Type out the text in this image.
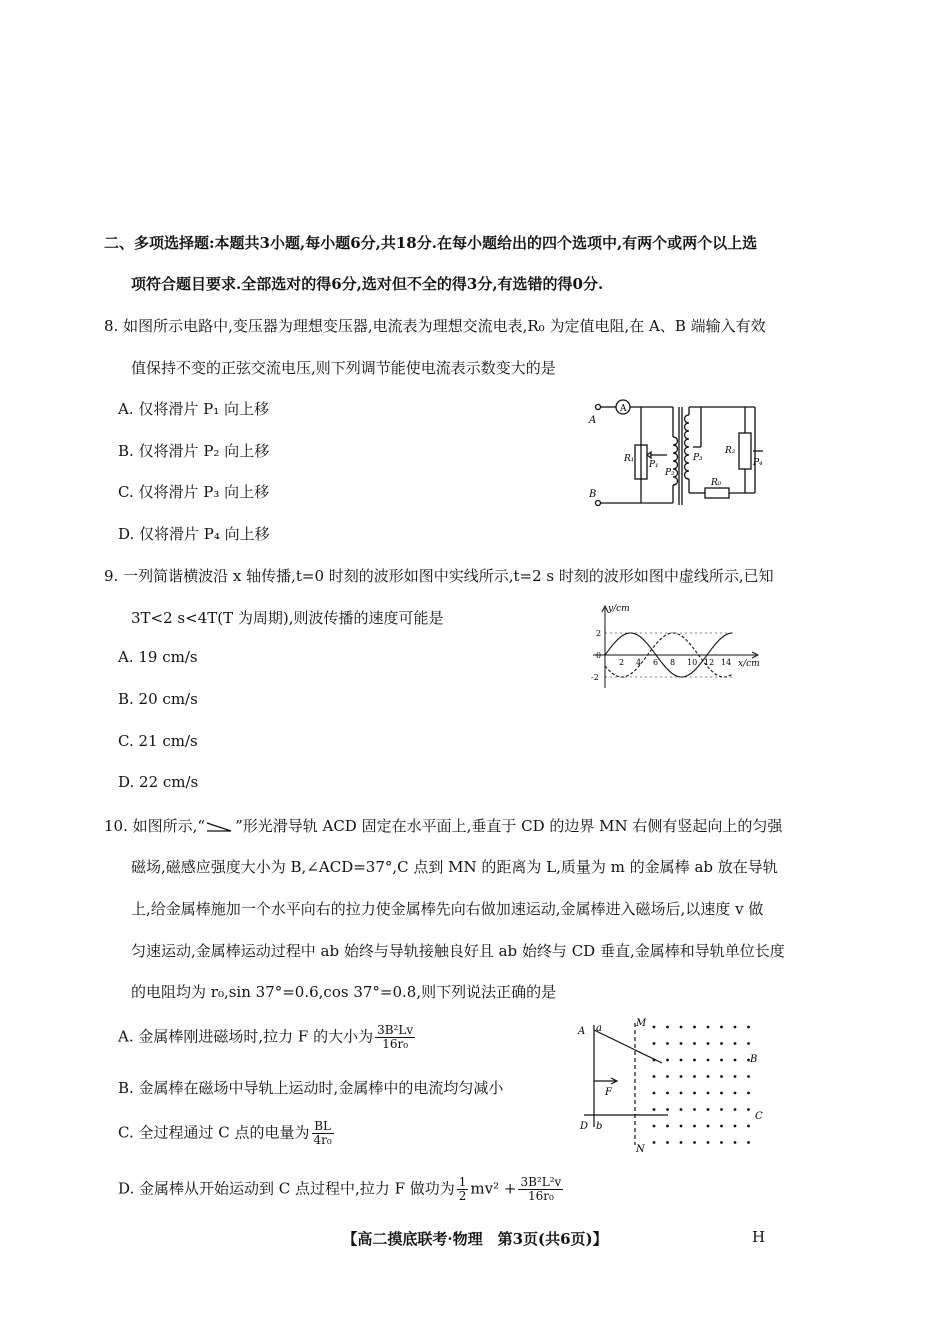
二、多项选择题:本题共3小题,每小题6分,共18分.在每小题给出的四个选项中,有两个或两个以上选
项符合题目要求.全部选对的得6分,选对但不全的得3分,有选错的得0分.
8. 如图所示电路中,变压器为理想变压器,电流表为理想交流电表,R₀ 为定值电阻,在 A、B 端输入有效
值保持不变的正弦交流电压,则下列调节能使电流表示数变大的是
A. 仅将滑片 P₁ 向上移
B. 仅将滑片 P₂ 向上移
C. 仅将滑片 P₃ 向上移
D. 仅将滑片 P₄ 向上移
A
B
A
R₁
P₁
P₂
P₃
R₂
P₄
R₀
9. 一列简谐横波沿 x 轴传播,t=0 时刻的波形如图中实线所示,t=2 s 时刻的波形如图中虚线所示,已知
3T<2 s<4T(T 为周期),则波传播的速度可能是
A. 19 cm/s
B. 20 cm/s
C. 21 cm/s
D. 22 cm/s
y/cm
x/cm
2 4 6 8 10 12 14
2
0
-2
10. 如图所示,“ ”形光滑导轨 ACD 固定在水平面上,垂直于 CD 的边界 MN 右侧有竖起向上的匀强
磁场,磁感应强度大小为 B,∠ACD=37°,C 点到 MN 的距离为 L,质量为 m 的金属棒 ab 放在导轨
上,给金属棒施加一个水平向右的拉力使金属棒先向右做加速运动,金属棒进入磁场后,以速度 v 做
匀速运动,金属棒运动过程中 ab 始终与导轨接触良好且 ab 始终与 CD 垂直,金属棒和导轨单位长度
的电阻均为 r₀,sin 37°=0.6,cos 37°=0.8,则下列说法正确的是
A. 金属棒刚进磁场时,拉力 F 的大小为 $\frac{\text{3B²Lv}}{\text{16r₀}}$
B. 金属棒在磁场中导轨上运动时,金属棒中的电流均匀减小
C. 全过程通过 C 点的电量为 $\frac{BL}{\text{4r₀}}$
D. 金属棒从开始运动到 C 点过程中,拉力 F 做功为 $\frac{1}{2} mv^2 + \frac{\text{3B²L²v}}{\text{16r₀}}$
A a	M
B
F
C
D b
N
【高二摸底联考·物理　第3页(共6页)】	H
